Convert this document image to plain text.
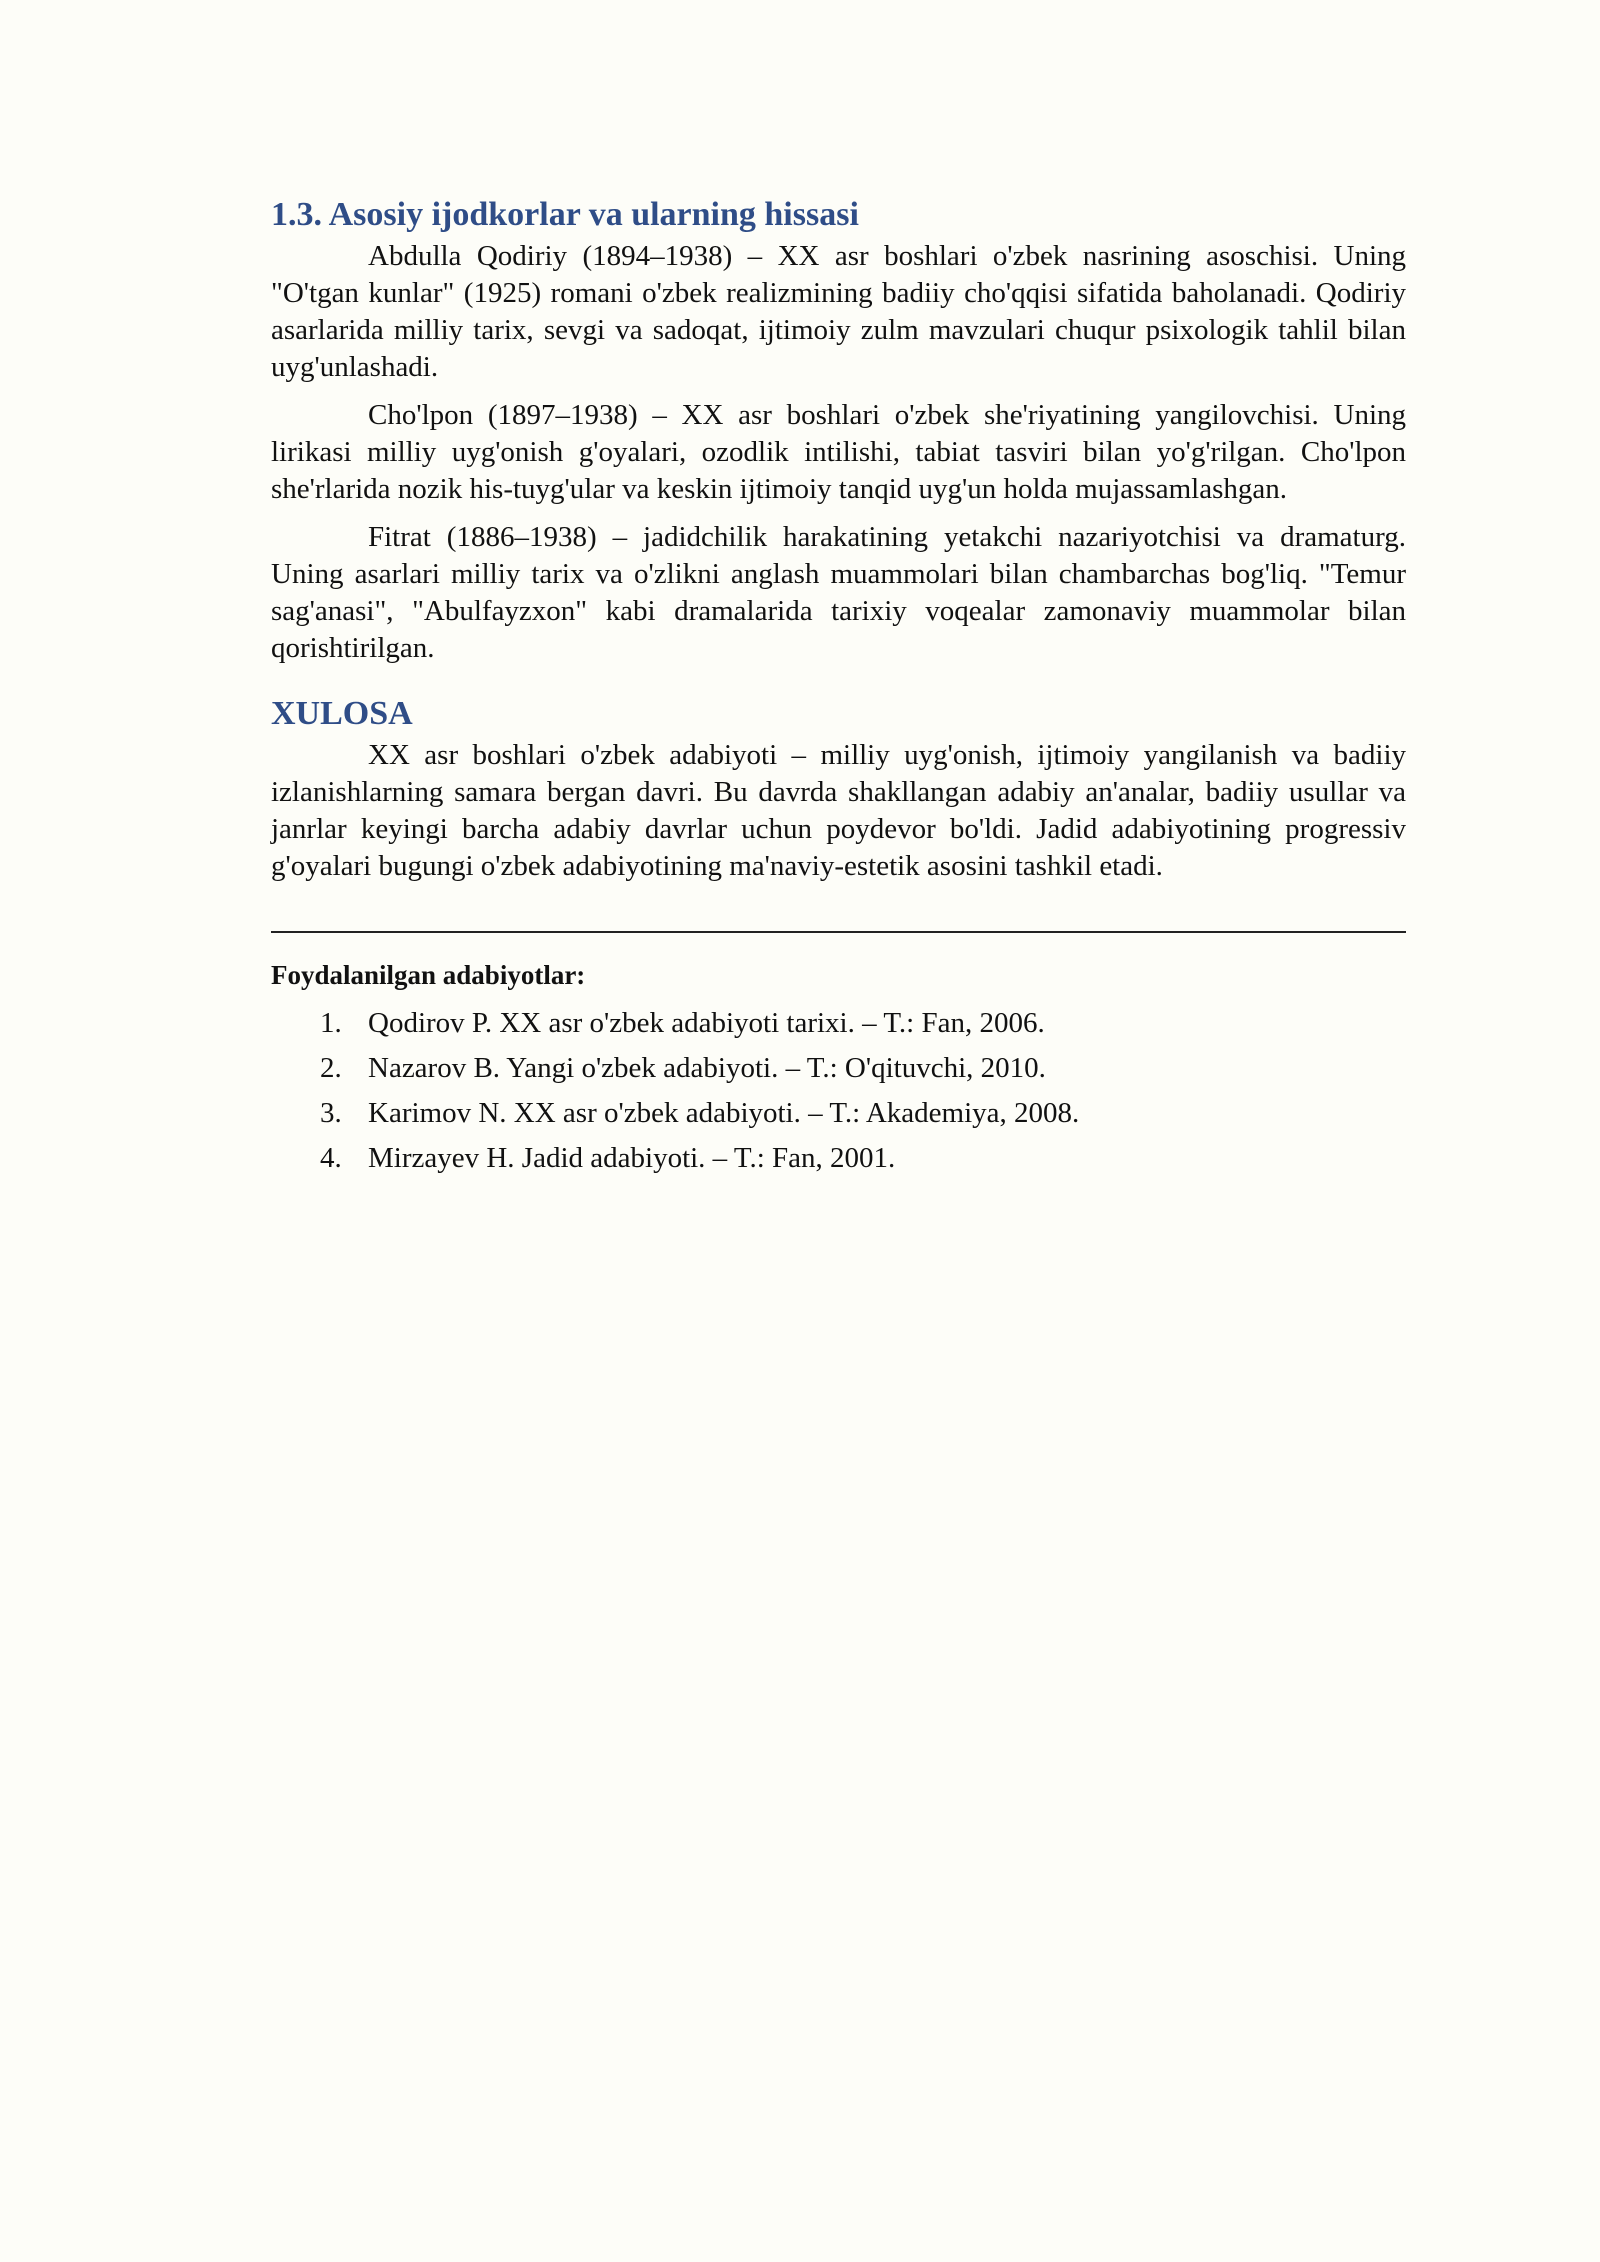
1.3. Asosiy ijodkorlar va ularning hissasi

Abdulla Qodiriy (1894–1938) – XX asr boshlari o'zbek nasrining asoschisi. Uning "O'tgan kunlar" (1925) romani o'zbek realizmining badiiy cho'qqisi sifatida baholanadi. Qodiriy asarlarida milliy tarix, sevgi va sadoqat, ijtimoiy zulm mavzulari chuqur psixologik tahlil bilan uyg'unlashadi.

Cho'lpon (1897–1938) – XX asr boshlari o'zbek she'riyatining yangilovchisi. Uning lirikasi milliy uyg'onish g'oyalari, ozodlik intilishi, tabiat tasviri bilan yo'g'rilgan. Cho'lpon she'rlarida nozik his-tuyg'ular va keskin ijtimoiy tanqid uyg'un holda mujassamlashgan.

Fitrat (1886–1938) – jadidchilik harakatining yetakchi nazariyotchisi va dramaturg. Uning asarlari milliy tarix va o'zlikni anglash muammolari bilan chambarchas bog'liq. "Temur sag'anasi", "Abulfayzxon" kabi dramalarida tarixiy voqealar zamonaviy muammolar bilan qorishtirilgan.

XULOSA

XX asr boshlari o'zbek adabiyoti – milliy uyg'onish, ijtimoiy yangilanish va badiiy izlanishlarning samara bergan davri. Bu davrda shakllangan adabiy an'analar, badiiy usullar va janrlar keyingi barcha adabiy davrlar uchun poydevor bo'ldi. Jadid adabiyotining progressiv g'oyalari bugungi o'zbek adabiyotining ma'naviy-estetik asosini tashkil etadi.

Foydalanilgan adabiyotlar:
1. Qodirov P. XX asr o'zbek adabiyoti tarixi. – T.: Fan, 2006.
2. Nazarov B. Yangi o'zbek adabiyoti. – T.: O'qituvchi, 2010.
3. Karimov N. XX asr o'zbek adabiyoti. – T.: Akademiya, 2008.
4. Mirzayev H. Jadid adabiyoti. – T.: Fan, 2001.
